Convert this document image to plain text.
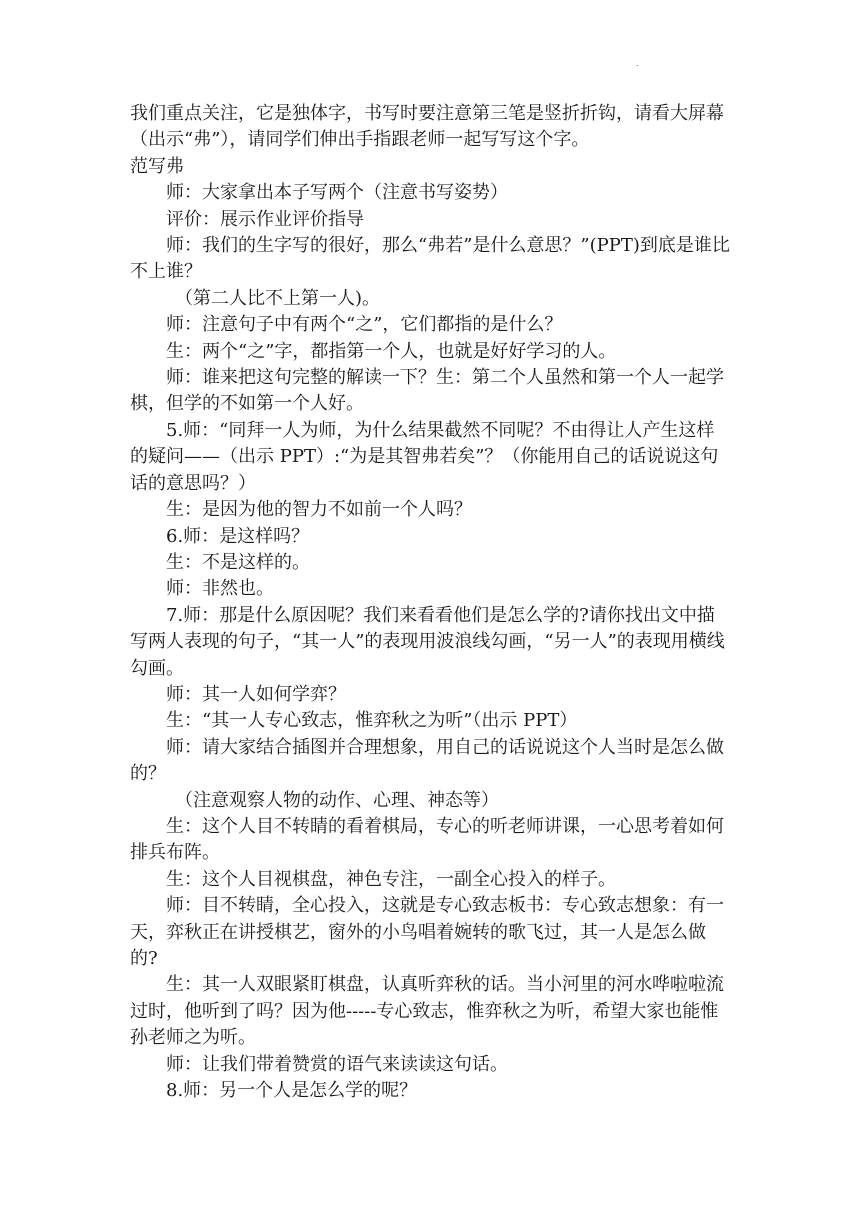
.

我们重点关注，它是独体字，书写时要注意第三笔是竖折折钩，请看大屏幕（出示“弗”），请同学们伸出手指跟老师一起写写这个字。

范写弗

师：大家拿出本子写两个（注意书写姿势）

评价：展示作业评价指导

师：我们的生字写的很好，那么“弗若”是什么意思？”(PPT)到底是谁比不上谁？

（第二人比不上第一人)。

师：注意句子中有两个“之”，它们都指的是什么？

生：两个“之”字，都指第一个人，也就是好好学习的人。

师：谁来把这句完整的解读一下？生：第二个人虽然和第一个人一起学棋，但学的不如第一个人好。

5.师：“同拜一人为师，为什么结果截然不同呢？不由得让人产生这样的疑问——（出示 PPT）:“为是其智弗若矣”？（你能用自己的话说说这句话的意思吗？）

生：是因为他的智力不如前一个人吗？

6.师：是这样吗？

生：不是这样的。

师：非然也。

7.师：那是什么原因呢？我们来看看他们是怎么学的?请你找出文中描写两人表现的句子，“其一人”的表现用波浪线勾画，“另一人”的表现用横线勾画。

师：其一人如何学弈？

生：“其一人专心致志，惟弈秋之为听”（出示 PPT）

师：请大家结合插图并合理想象，用自己的话说说这个人当时是怎么做的？

（注意观察人物的动作、心理、神态等）

生：这个人目不转睛的看着棋局，专心的听老师讲课，一心思考着如何排兵布阵。

生：这个人目视棋盘，神色专注，一副全心投入的样子。

师：目不转睛，全心投入，这就是专心致志板书：专心致志想象：有一天，弈秋正在讲授棋艺，窗外的小鸟唱着婉转的歌飞过，其一人是怎么做的?

生：其一人双眼紧盯棋盘，认真听弈秋的话。当小河里的河水哗啦啦流过时，他听到了吗？因为他-----专心致志，惟弈秋之为听，希望大家也能惟孙老师之为听。

师：让我们带着赞赏的语气来读读这句话。

8.师：另一个人是怎么学的呢？
